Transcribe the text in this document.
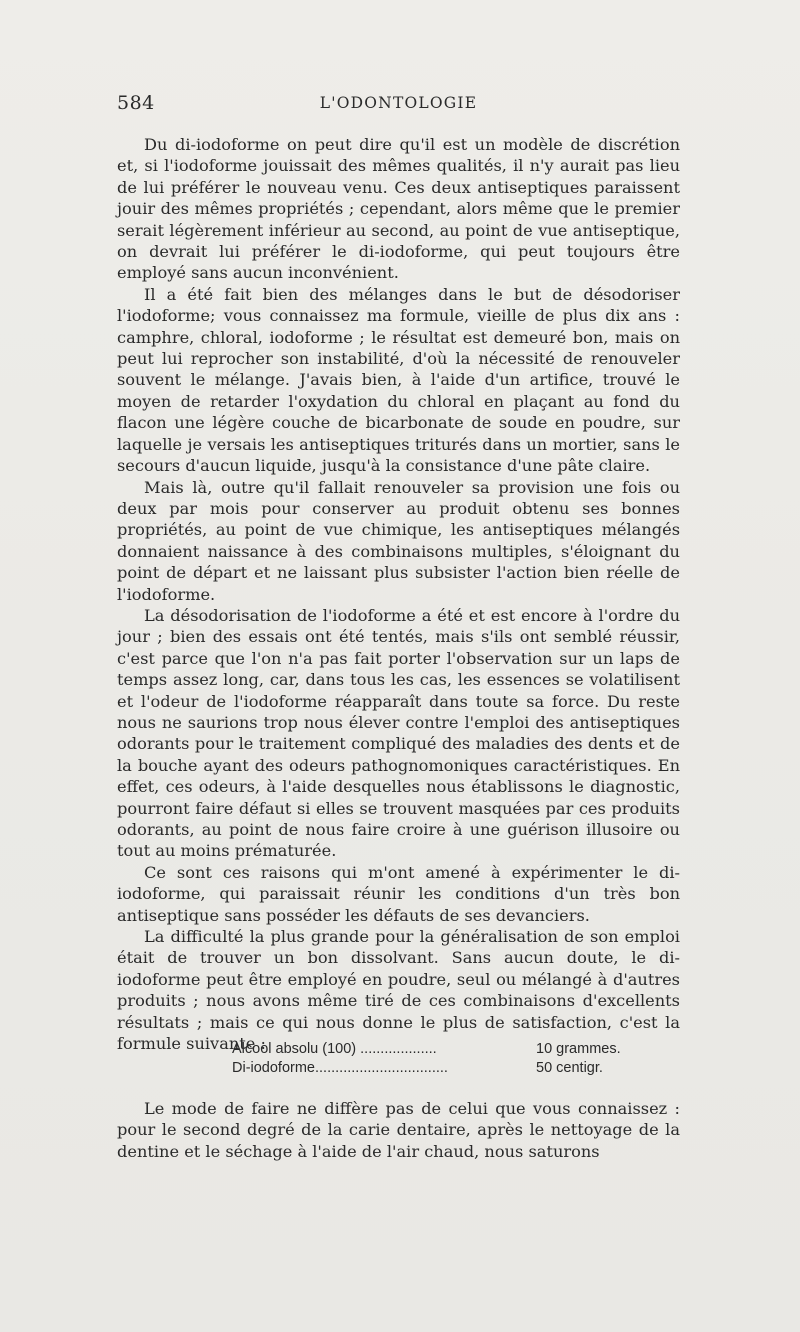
584	L'ODONTOLOGIE

Du di-iodoforme on peut dire qu'il est un modèle de discrétion et, si l'iodoforme jouissait des mêmes qualités, il n'y aurait pas lieu de lui préférer le nouveau venu. Ces deux antiseptiques paraissent jouir des mêmes propriétés ; cependant, alors même que le premier serait légèrement inférieur au second, au point de vue antiseptique, on devrait lui préférer le di-iodoforme, qui peut toujours être employé sans aucun inconvénient.

Il a été fait bien des mélanges dans le but de désodoriser l'iodoforme; vous connaissez ma formule, vieille de plus dix ans : camphre, chloral, iodoforme ; le résultat est demeuré bon, mais on peut lui reprocher son instabilité, d'où la nécessité de renouveler souvent le mélange. J'avais bien, à l'aide d'un artifice, trouvé le moyen de retarder l'oxydation du chloral en plaçant au fond du flacon une légère couche de bicarbonate de soude en poudre, sur laquelle je versais les antiseptiques triturés dans un mortier, sans le secours d'aucun liquide, jusqu'à la consistance d'une pâte claire.

Mais là, outre qu'il fallait renouveler sa provision une fois ou deux par mois pour conserver au produit obtenu ses bonnes propriétés, au point de vue chimique, les antiseptiques mélangés donnaient naissance à des combinaisons multiples, s'éloignant du point de départ et ne laissant plus subsister l'action bien réelle de l'iodoforme.

La désodorisation de l'iodoforme a été et est encore à l'ordre du jour ; bien des essais ont été tentés, mais s'ils ont semblé réussir, c'est parce que l'on n'a pas fait porter l'observation sur un laps de temps assez long, car, dans tous les cas, les essences se volatilisent et l'odeur de l'iodoforme réapparaît dans toute sa force. Du reste nous ne saurions trop nous élever contre l'emploi des antiseptiques odorants pour le traitement compliqué des maladies des dents et de la bouche ayant des odeurs pathognomoniques caractéristiques. En effet, ces odeurs, à l'aide desquelles nous établissons le diagnostic, pourront faire défaut si elles se trouvent masquées par ces produits odorants, au point de nous faire croire à une guérison illusoire ou tout au moins prématurée.

Ce sont ces raisons qui m'ont amené à expérimenter le di-iodoforme, qui paraissait réunir les conditions d'un très bon antiseptique sans posséder les défauts de ses devanciers.

La difficulté la plus grande pour la généralisation de son emploi était de trouver un bon dissolvant. Sans aucun doute, le di-iodoforme peut être employé en poudre, seul ou mélangé à d'autres produits ; nous avons même tiré de ces combinaisons d'excellents résultats ; mais ce qui nous donne le plus de satisfaction, c'est la formule suivante :

Alcool absolu (100) ...................	10 grammes.
Di-iodoforme.................................	50 centigr.

Le mode de faire ne diffère pas de celui que vous connaissez : pour le second degré de la carie dentaire, après le nettoyage de la dentine et le séchage à l'aide de l'air chaud, nous saturons
